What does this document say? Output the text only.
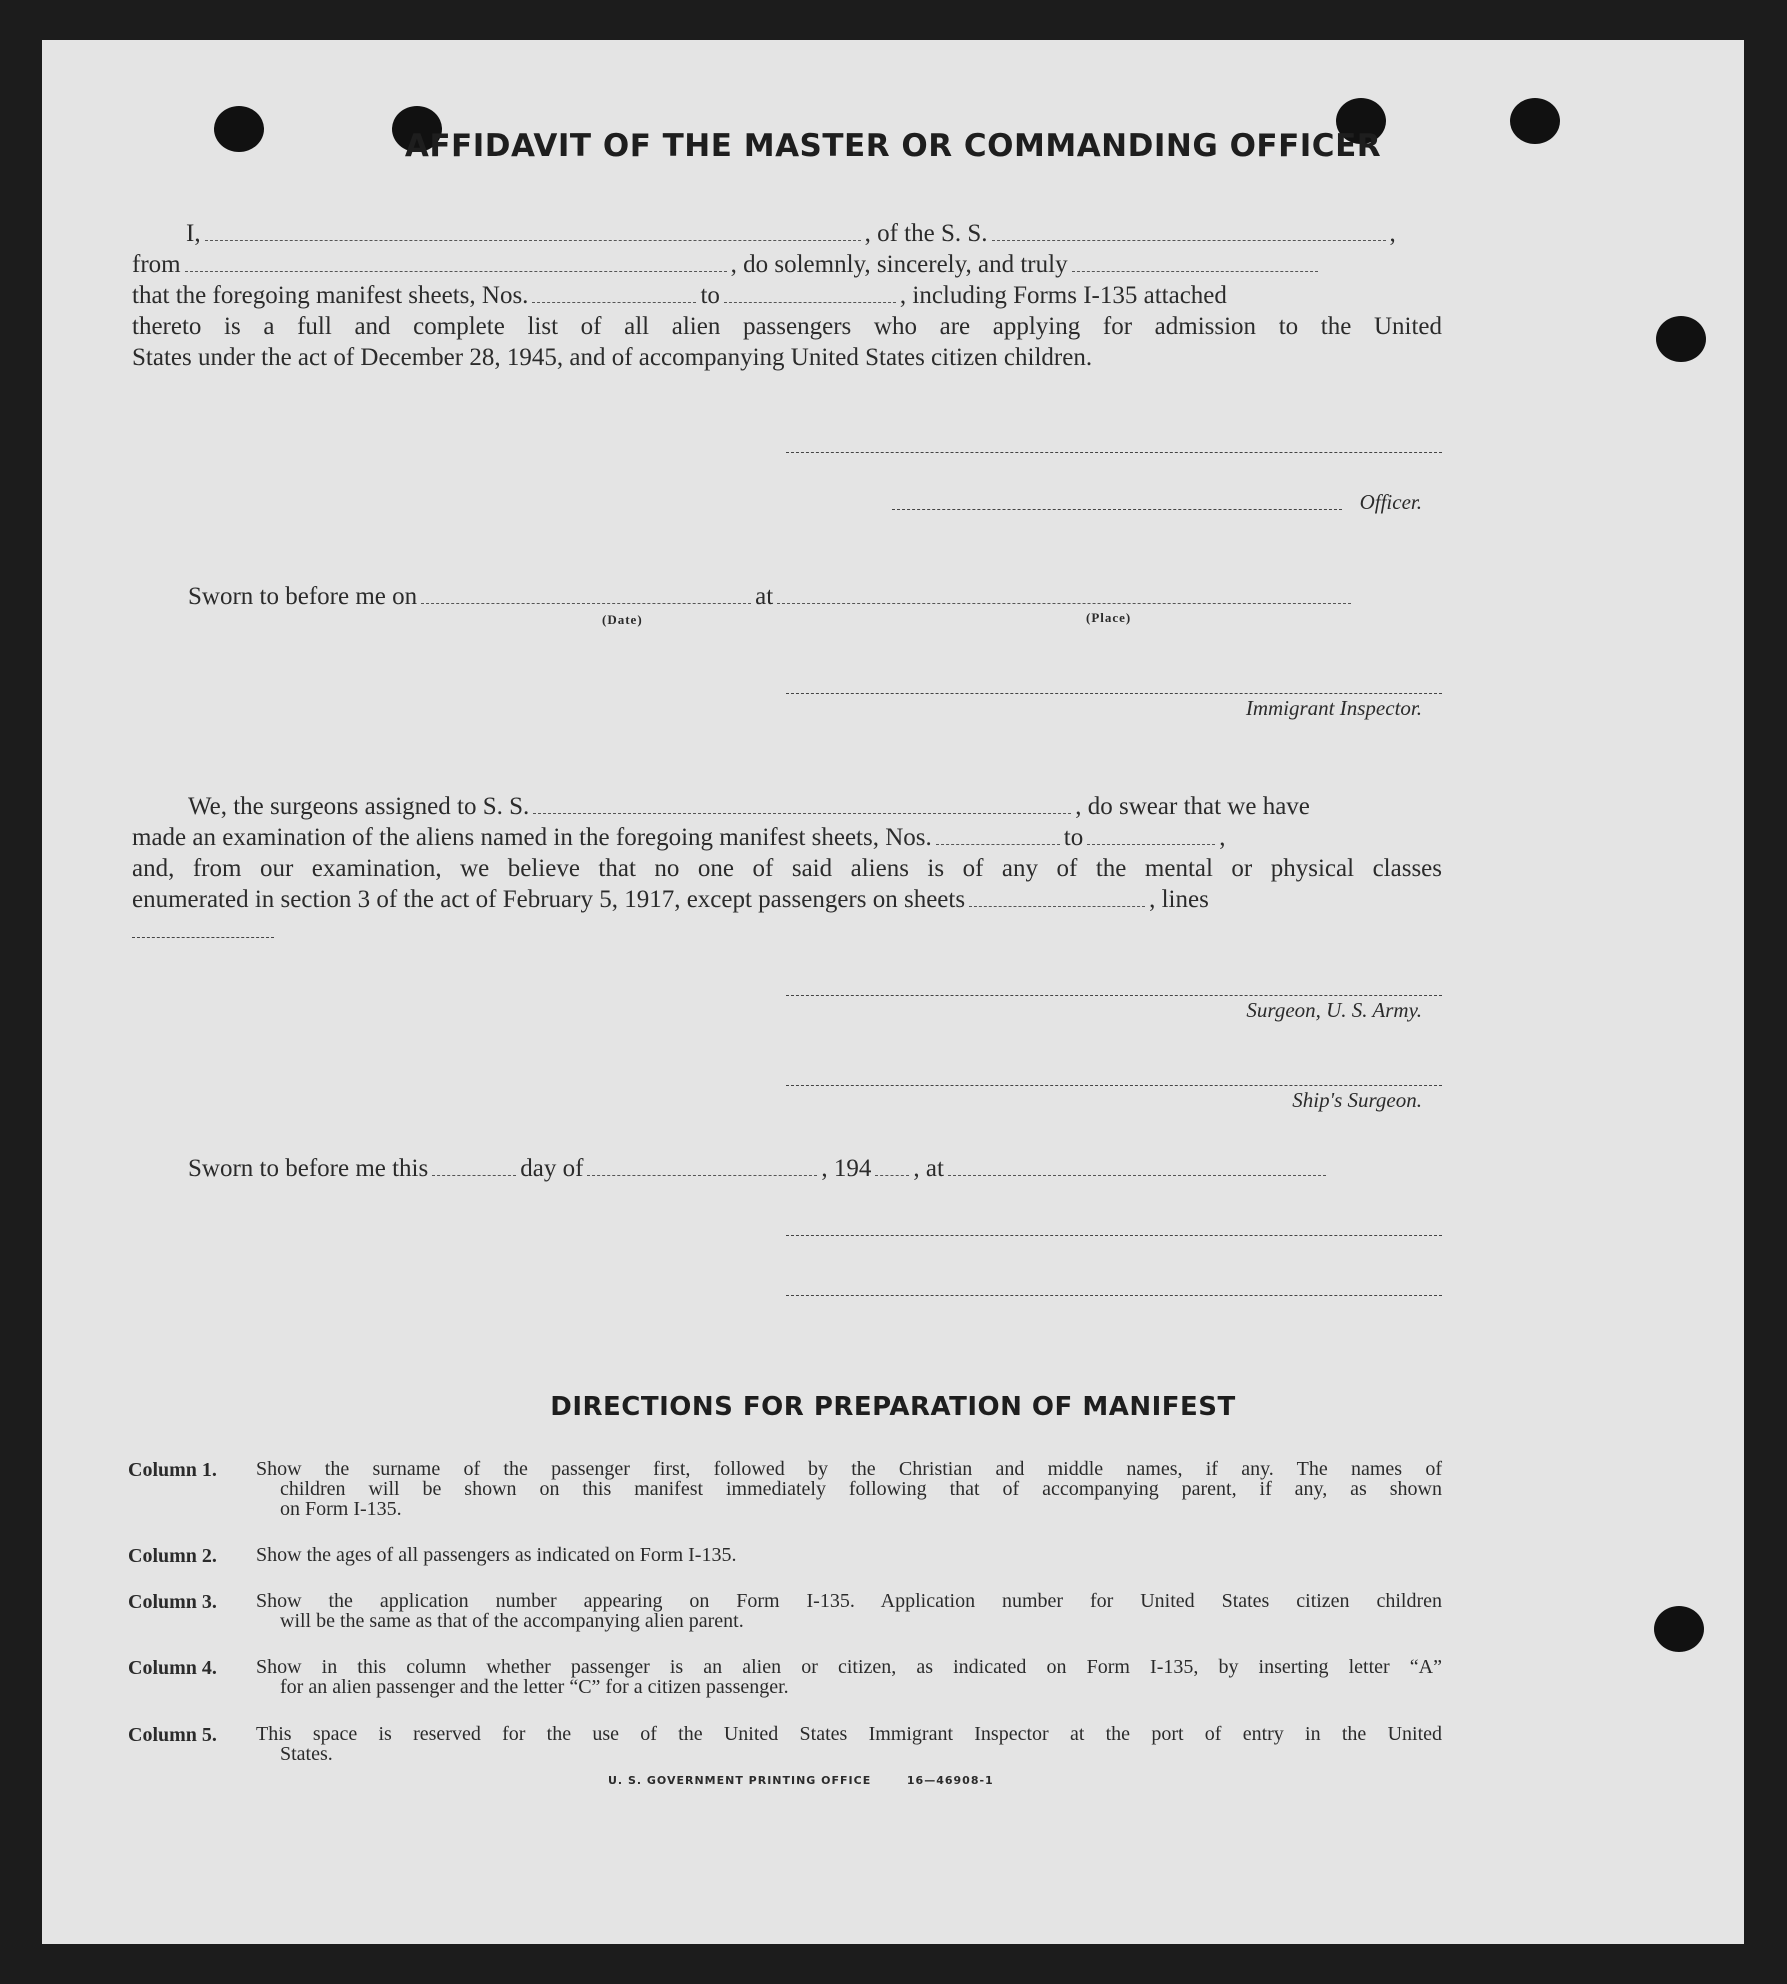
AFFIDAVIT OF THE MASTER OR COMMANDING OFFICER
I,	, of the S. S.	,
from	, do solemnly, sincerely, and truly
that the foregoing manifest sheets, Nos.	to	, including Forms I-135 attached
thereto is a full and complete list of all alien passengers who are applying for admission to the United
States under the act of December 28, 1945, and of accompanying United States citizen children.
Officer.
Sworn to before me on	at
(Date)	(Place)
Immigrant Inspector.
We, the surgeons assigned to S. S.	, do swear that we have
made an examination of the aliens named in the foregoing manifest sheets, Nos.	to	,
and, from our examination, we believe that no one of said aliens is of any of the mental or physical classes
enumerated in section 3 of the act of February 5, 1917, except passengers on sheets	, lines
Surgeon, U. S. Army.
Ship's Surgeon.
Sworn to before me this	day of	, 194 , at
DIRECTIONS FOR PREPARATION OF MANIFEST
Column 1. Show the surname of the passenger first, followed by the Christian and middle names, if any. The names of
children will be shown on this manifest immediately following that of accompanying parent, if any, as shown
on Form I-135.
Column 2. Show the ages of all passengers as indicated on Form I-135.
Column 3. Show the application number appearing on Form I-135. Application number for United States citizen children
will be the same as that of the accompanying alien parent.
Column 4. Show in this column whether passenger is an alien or citizen, as indicated on Form I-135, by inserting letter “A”
for an alien passenger and the letter “C” for a citizen passenger.
Column 5. This space is reserved for the use of the United States Immigrant Inspector at the port of entry in the United
States.
U. S. GOVERNMENT PRINTING OFFICE	16—46908-1
